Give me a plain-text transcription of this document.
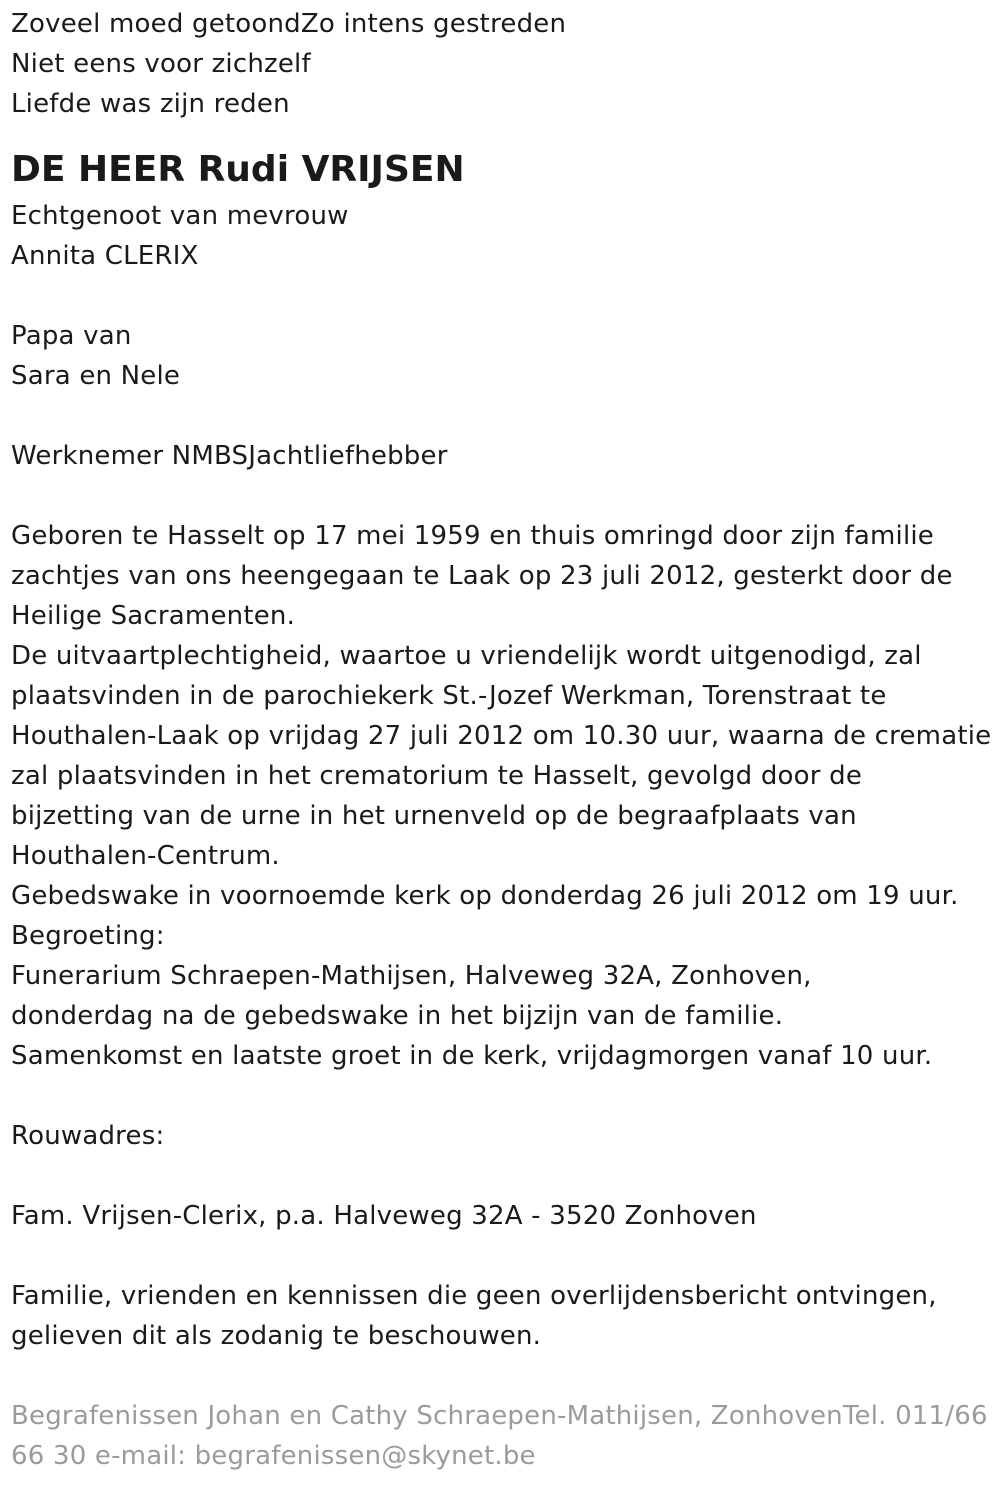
Zoveel moed getoondZo intens gestreden
Niet eens voor zichzelf
Liefde was zijn reden
DE HEER Rudi VRIJSEN
Echtgenoot van mevrouw
Annita CLERIX
Papa van
Sara en Nele
Werknemer NMBSJachtliefhebber
Geboren te Hasselt op 17 mei 1959 en thuis omringd door zijn familie
zachtjes van ons heengegaan te Laak op 23 juli 2012, gesterkt door de
Heilige Sacramenten.
De uitvaartplechtigheid, waartoe u vriendelijk wordt uitgenodigd, zal
plaatsvinden in de parochiekerk St.-Jozef Werkman, Torenstraat te
Houthalen-Laak op vrijdag 27 juli 2012 om 10.30 uur, waarna de crematie
zal plaatsvinden in het crematorium te Hasselt, gevolgd door de
bijzetting van de urne in het urnenveld op de begraafplaats van
Houthalen-Centrum.
Gebedswake in voornoemde kerk op donderdag 26 juli 2012 om 19 uur.
Begroeting:
Funerarium Schraepen-Mathijsen, Halveweg 32A, Zonhoven,
donderdag na de gebedswake in het bijzijn van de familie.
Samenkomst en laatste groet in de kerk, vrijdagmorgen vanaf 10 uur.
Rouwadres:
Fam. Vrijsen-Clerix, p.a. Halveweg 32A - 3520 Zonhoven
Familie, vrienden en kennissen die geen overlijdensbericht ontvingen,
gelieven dit als zodanig te beschouwen.
Begrafenissen Johan en Cathy Schraepen-Mathijsen, ZonhovenTel. 011/66
66 30 e-mail: begrafenissen@skynet.be
